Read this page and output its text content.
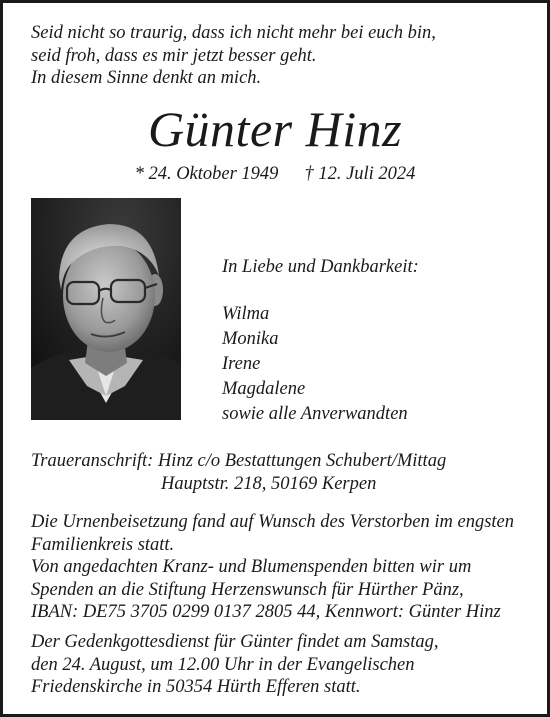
Seid nicht so traurig, dass ich nicht mehr bei euch bin,
seid froh, dass es mir jetzt besser geht.
In diesem Sinne denkt an mich.
Günter Hinz
* 24. Oktober 1949 † 12. Juli 2024
In Liebe und Dankbarkeit:
Wilma
Monika
Irene
Magdalene
sowie alle Anverwandten
Traueranschrift: Hinz c/o Bestattungen Schubert/Mittag
Hauptstr. 218, 50169 Kerpen
Die Urnenbeisetzung fand auf Wunsch des Verstorben im engsten
Familienkreis statt.
Von angedachten Kranz- und Blumenspenden bitten wir um
Spenden an die Stiftung Herzenswunsch für Hürther Pänz,
IBAN: DE75 3705 0299 0137 2805 44, Kennwort: Günter Hinz
Der Gedenkgottesdienst für Günter findet am Samstag,
den 24. August, um 12.00 Uhr in der Evangelischen
Friedenskirche in 50354 Hürth Efferen statt.
